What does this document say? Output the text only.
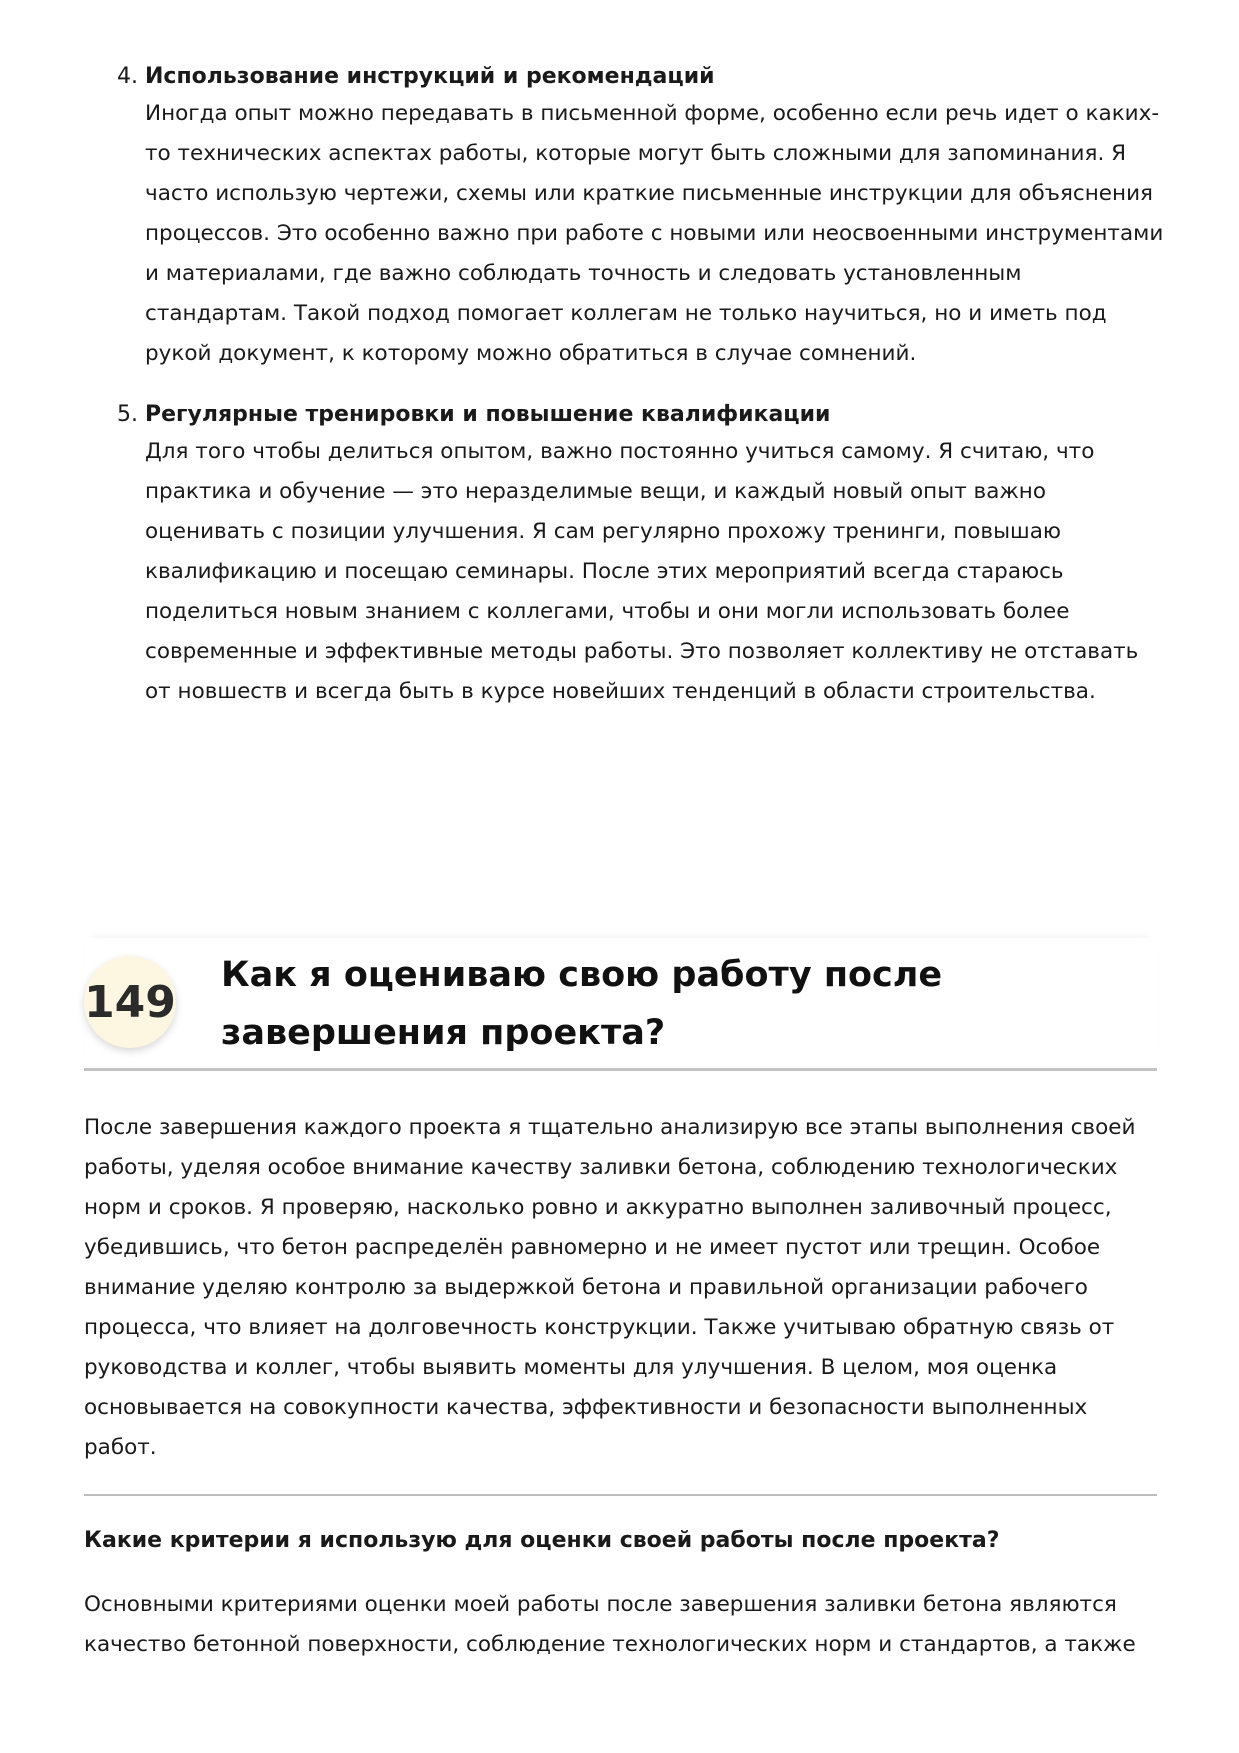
4. Использование инструкций и рекомендаций

Иногда опыт можно передавать в письменной форме, особенно если речь идет о каких-то технических аспектах работы, которые могут быть сложными для запоминания. Я часто использую чертежи, схемы или краткие письменные инструкции для объяснения процессов. Это особенно важно при работе с новыми или неосвоенными инструментами и материалами, где важно соблюдать точность и следовать установленным стандартам. Такой подход помогает коллегам не только научиться, но и иметь под рукой документ, к которому можно обратиться в случае сомнений.

5. Регулярные тренировки и повышение квалификации

Для того чтобы делиться опытом, важно постоянно учиться самому. Я считаю, что практика и обучение — это неразделимые вещи, и каждый новый опыт важно оценивать с позиции улучшения. Я сам регулярно прохожу тренинги, повышаю квалификацию и посещаю семинары. После этих мероприятий всегда стараюсь поделиться новым знанием с коллегами, чтобы и они могли использовать более современные и эффективные методы работы. Это позволяет коллективу не отставать от новшеств и всегда быть в курсе новейших тенденций в области строительства.

149
Как я оцениваю свою работу после завершения проекта?

После завершения каждого проекта я тщательно анализирую все этапы выполнения своей работы, уделяя особое внимание качеству заливки бетона, соблюдению технологических норм и сроков. Я проверяю, насколько ровно и аккуратно выполнен заливочный процесс, убедившись, что бетон распределён равномерно и не имеет пустот или трещин. Особое внимание уделяю контролю за выдержкой бетона и правильной организации рабочего процесса, что влияет на долговечность конструкции. Также учитываю обратную связь от руководства и коллег, чтобы выявить моменты для улучшения. В целом, моя оценка основывается на совокупности качества, эффективности и безопасности выполненных работ.

Какие критерии я использую для оценки своей работы после проекта?

Основными критериями оценки моей работы после завершения заливки бетона являются качество бетонной поверхности, соблюдение технологических норм и стандартов, а также
